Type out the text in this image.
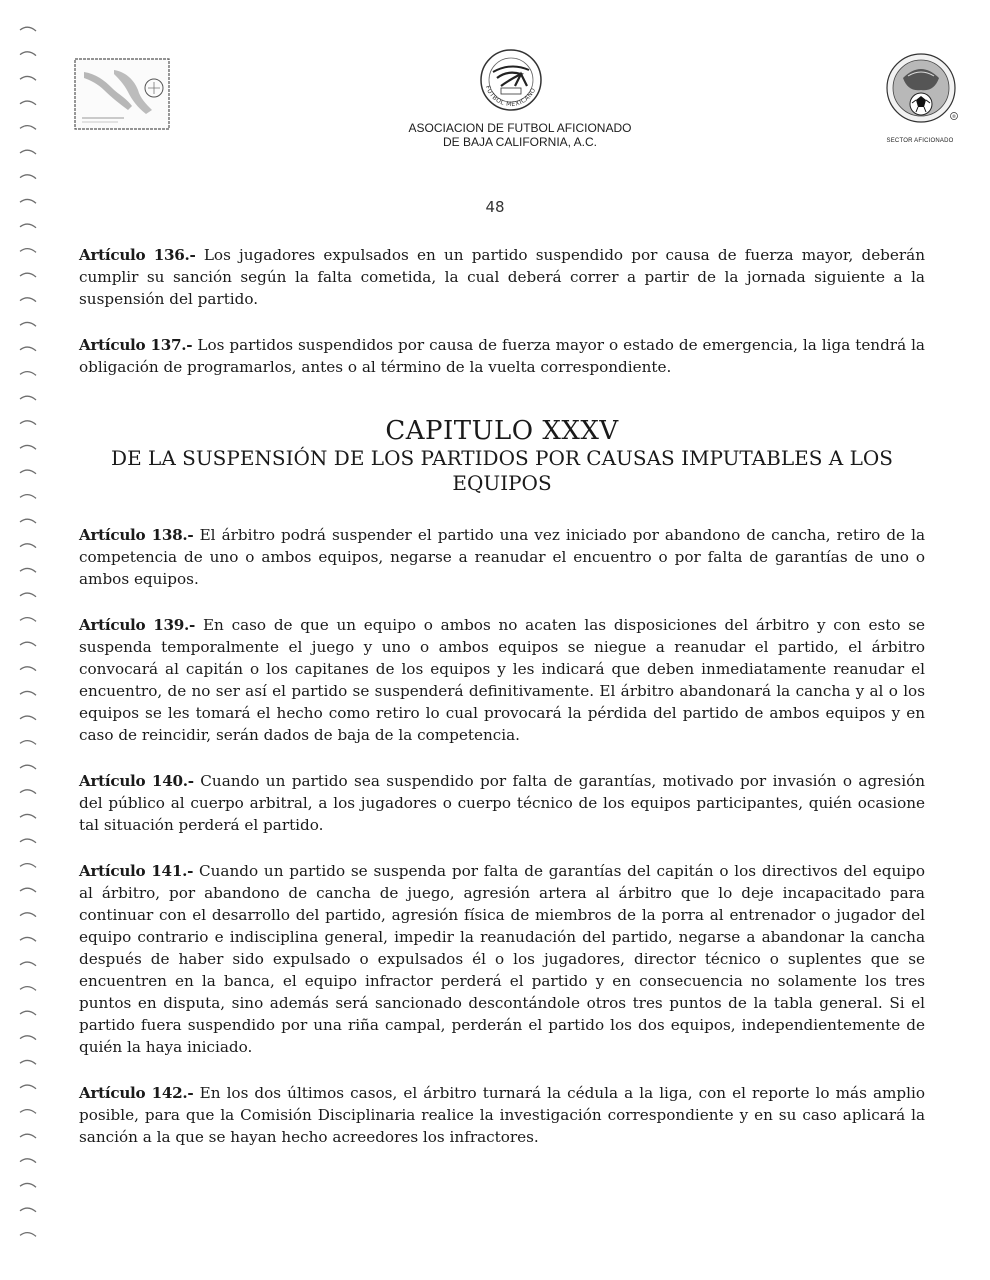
FUTBOL MEXICANO
®

SECTOR AFICIONADO

ASOCIACION DE FUTBOL AFICIONADO
DE BAJA CALIFORNIA, A.C.
48

Artículo 136.- Los jugadores expulsados en un partido suspendido por causa de fuerza mayor, deberán cumplir su sanción según la falta cometida, la cual deberá correr a partir de la jornada siguiente a la suspensión del partido.

Artículo 137.- Los partidos suspendidos por causa de fuerza mayor o estado de emergencia, la liga tendrá la obligación de programarlos, antes o al término de la vuelta correspondiente.

CAPITULO XXXV
DE LA SUSPENSIÓN DE LOS PARTIDOS POR CAUSAS IMPUTABLES A LOS EQUIPOS

Artículo 138.- El árbitro podrá suspender el partido una vez iniciado por abandono de cancha, retiro de la competencia de uno o ambos equipos, negarse a reanudar el encuentro o por falta de garantías de uno o ambos equipos.

Artículo 139.- En caso de que un equipo o ambos no acaten las disposiciones del árbitro y con esto se suspenda temporalmente el juego y uno o ambos equipos se niegue a reanudar el partido, el árbitro convocará al capitán o los capitanes de los equipos y les indicará que deben inmediatamente reanudar el encuentro, de no ser así el partido se suspenderá definitivamente. El árbitro abandonará la cancha y al o los equipos se les tomará el hecho como retiro lo cual provocará la pérdida del partido de ambos equipos y en caso de reincidir, serán dados de baja de la competencia.

Artículo 140.- Cuando un partido sea suspendido por falta de garantías, motivado por invasión o agresión del público al cuerpo arbitral, a los jugadores o cuerpo técnico de los equipos participantes, quién ocasione tal situación perderá el partido.

Artículo 141.- Cuando un partido se suspenda por falta de garantías del capitán o los directivos del equipo al árbitro, por abandono de cancha de juego, agresión artera al árbitro que lo deje incapacitado para continuar con el desarrollo del partido, agresión física de miembros de la porra al entrenador o jugador del equipo contrario e indisciplina general, impedir la reanudación del partido, negarse a abandonar la cancha después de haber sido expulsado o expulsados él o los jugadores, director técnico o suplentes que se encuentren en la banca, el equipo infractor perderá el partido y en consecuencia no solamente los tres puntos en disputa, sino además será sancionado descontándole otros tres puntos de la tabla general. Si el partido fuera suspendido por una riña campal, perderán el partido los dos equipos, independientemente de quién la haya iniciado.

Artículo 142.- En los dos últimos casos, el árbitro turnará la cédula a la liga, con el reporte lo más amplio posible, para que la Comisión Disciplinaria realice la investigación correspondiente y en su caso aplicará la sanción a la que se hayan hecho acreedores los infractores.
